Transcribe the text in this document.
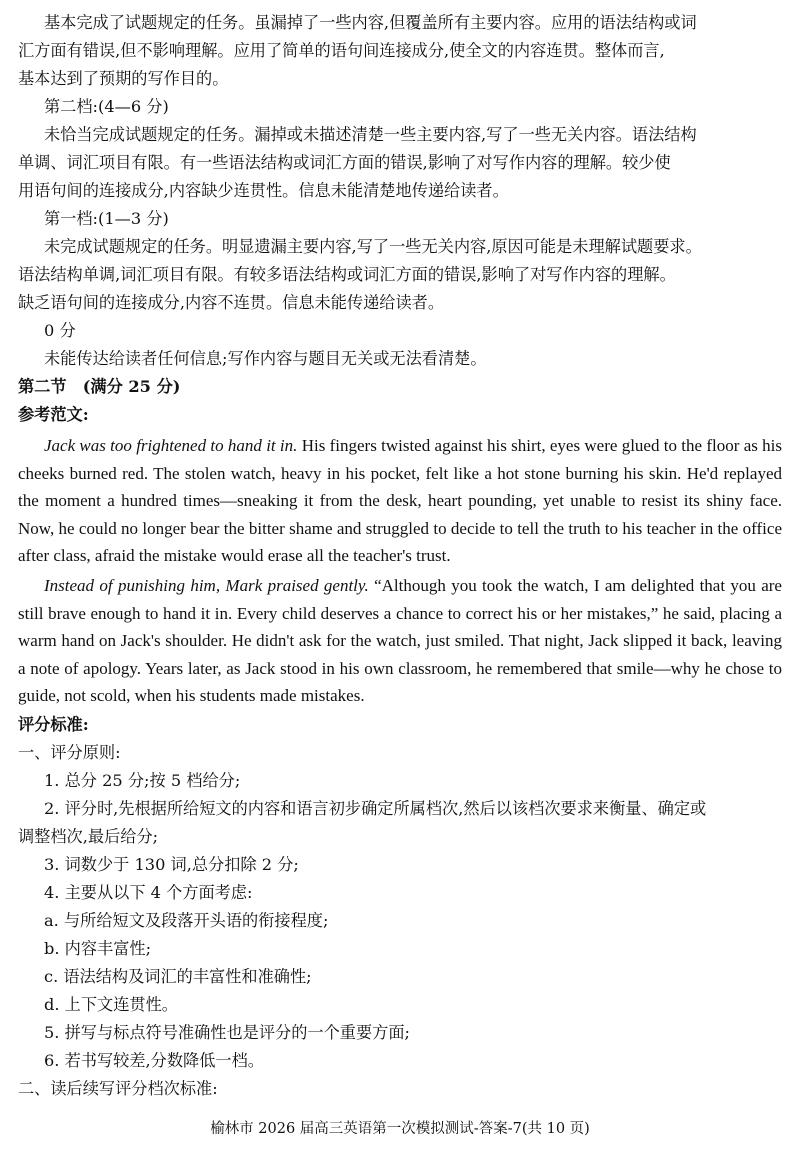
基本完成了试题规定的任务。虽漏掉了一些内容,但覆盖所有主要内容。应用的语法结构或词
汇方面有错误,但不影响理解。应用了简单的语句间连接成分,使全文的内容连贯。整体而言,
基本达到了预期的写作目的。
第二档:(4—6 分)
未恰当完成试题规定的任务。漏掉或未描述清楚一些主要内容,写了一些无关内容。语法结构
单调、词汇项目有限。有一些语法结构或词汇方面的错误,影响了对写作内容的理解。较少使
用语句间的连接成分,内容缺少连贯性。信息未能清楚地传递给读者。
第一档:(1—3 分)
未完成试题规定的任务。明显遗漏主要内容,写了一些无关内容,原因可能是未理解试题要求。
语法结构单调,词汇项目有限。有较多语法结构或词汇方面的错误,影响了对写作内容的理解。
缺乏语句间的连接成分,内容不连贯。信息未能传递给读者。
0 分
未能传达给读者任何信息;写作内容与题目无关或无法看清楚。
第二节　(满分 25 分)
参考范文:
Jack was too frightened to hand it in. His fingers twisted against his shirt, eyes were glued to the floor as his cheeks burned red. The stolen watch, heavy in his pocket, felt like a hot stone burning his skin. He'd replayed the moment a hundred times—sneaking it from the desk, heart pounding, yet unable to resist its shiny face. Now, he could no longer bear the bitter shame and struggled to decide to tell the truth to his teacher in the office after class, afraid the mistake would erase all the teacher's trust.
Instead of punishing him, Mark praised gently. “Although you took the watch, I am delighted that you are still brave enough to hand it in. Every child deserves a chance to correct his or her mistakes,” he said, placing a warm hand on Jack's shoulder. He didn't ask for the watch, just smiled. That night, Jack slipped it back, leaving a note of apology. Years later, as Jack stood in his own classroom, he remembered that smile—why he chose to guide, not scold, when his students made mistakes.
评分标准:
一、评分原则:
1. 总分 25 分;按 5 档给分;
2. 评分时,先根据所给短文的内容和语言初步确定所属档次,然后以该档次要求来衡量、确定或
调整档次,最后给分;
3. 词数少于 130 词,总分扣除 2 分;
4. 主要从以下 4 个方面考虑:
a. 与所给短文及段落开头语的衔接程度;
b. 内容丰富性;
c. 语法结构及词汇的丰富性和准确性;
d. 上下文连贯性。
5. 拼写与标点符号准确性也是评分的一个重要方面;
6. 若书写较差,分数降低一档。
二、读后续写评分档次标准:
榆林市 2026 届高三英语第一次模拟测试-答案-7(共 10 页)
